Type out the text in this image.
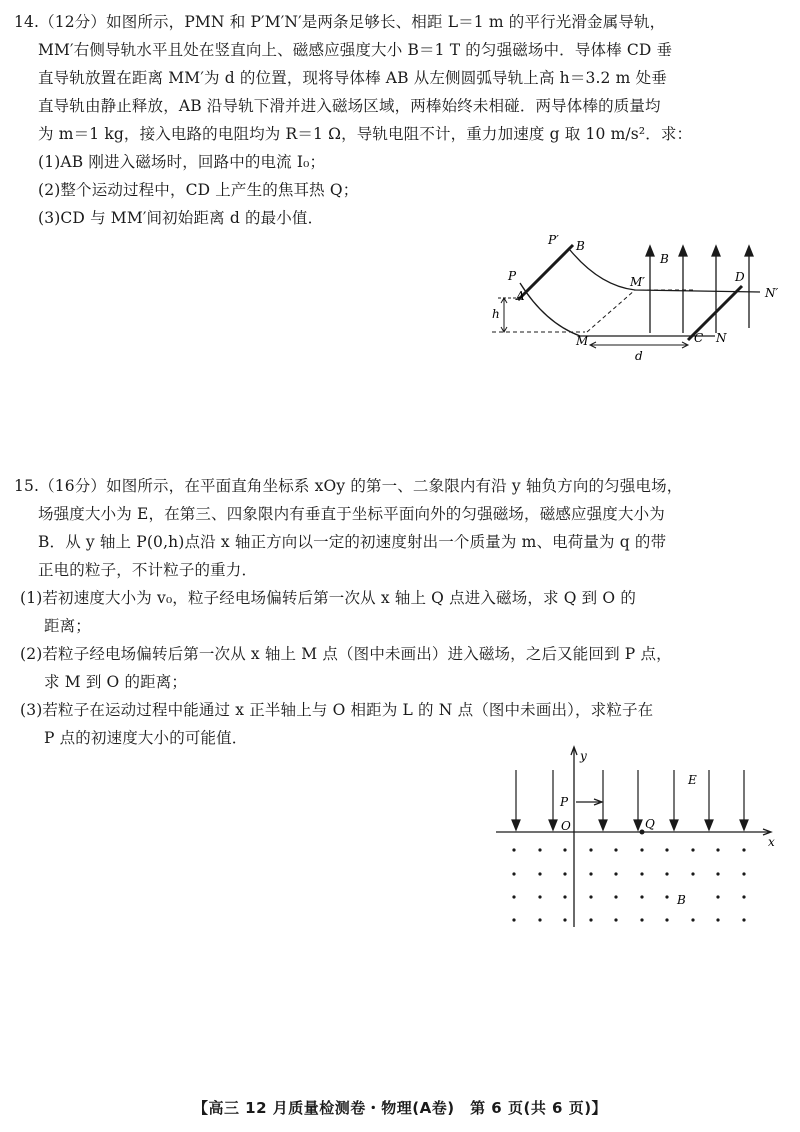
14.（12分）如图所示，PMN 和 P′M′N′是两条足够长、相距 L＝1 m 的平行光滑金属导轨，
MM′右侧导轨水平且处在竖直向上、磁感应强度大小 B＝1 T 的匀强磁场中．导体棒 CD 垂
直导轨放置在距离 MM′为 d 的位置，现将导体棒 AB 从左侧圆弧导轨上高 h＝3.2 m 处垂
直导轨由静止释放，AB 沿导轨下滑并进入磁场区域，两棒始终未相碰．两导体棒的质量均
为 m＝1 kg，接入电路的电阻均为 R＝1 Ω，导轨电阻不计，重力加速度 g 取 10 m/s²．求：
(1)AB 刚进入磁场时，回路中的电流 I₀；
(2)整个运动过程中，CD 上产生的焦耳热 Q；
(3)CD 与 MM′间初始距离 d 的最小值．
P′ B
P
A
h
B
M′	D
N′
M	C N
d
15.（16分）如图所示，在平面直角坐标系 xOy 的第一、二象限内有沿 y 轴负方向的匀强电场，
场强度大小为 E，在第三、四象限内有垂直于坐标平面向外的匀强磁场，磁感应强度大小为
B．从 y 轴上 P(0,h)点沿 x 轴正方向以一定的初速度射出一个质量为 m、电荷量为 q 的带
正电的粒子，不计粒子的重力．
(1)若初速度大小为 v₀，粒子经电场偏转后第一次从 x 轴上 Q 点进入磁场，求 Q 到 O 的
距离；
(2)若粒子经电场偏转后第一次从 x 轴上 M 点（图中未画出）进入磁场，之后又能回到 P 点，
求 M 到 O 的距离；
(3)若粒子在运动过程中能通过 x 正半轴上与 O 相距为 L 的 N 点（图中未画出），求粒子在
P 点的初速度大小的可能值．
y
x
P
O	Q
E
B
【高三 12 月质量检测卷・物理(A卷)　第 6 页(共 6 页)】
